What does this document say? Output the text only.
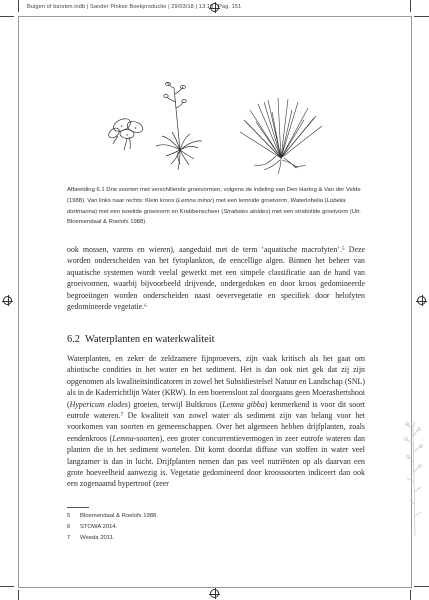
Buigen of barsten.indb | Sander Pinkse Boekproductie | 29/03/18 | 13:19 | Pag. 151

Afbeelding 6.1 Drie soorten met verschillende groeivormen, volgens de indeling van Den Hartog & Van der Velde (1988). Van links naar rechts: Klein kroos (Lemna minor) met een lemnide groeivorm, Waterlobelia (Lobelia dortmanna) met een isoetide groeivorm en Krabbenscheer (Stratiotes aloides) met een stratiotide groeivorm (Uit: Bloemendaal & Roelofs 1988).

ook mossen, varens en wieren), aangeduid met de term ‘aquatische macrofyten’.⁵ Deze worden onderscheiden van het fytoplankton, de eencellige algen. Binnen het beheer van aquatische systemen wordt veelal gewerkt met een simpele classificatie aan de hand van groeivormen, waarbij bijvoorbeeld drijvende, ondergedoken en door kroos gedomineerde begroeiingen worden onderscheiden naast oevervegetatie en specifiek door helofyten gedomineerde vegetatie.⁶

6.2 Waterplanten en waterkwaliteit

Waterplanten, en zeker de zeldzamere fijnproevers, zijn vaak kritisch als het gaat om abiotische condities in het water en het sediment. Het is dan ook niet gek dat zij zijn opgenomen als kwaliteitsindicatoren in zowel het Subsidiestelsel Natuur en Landschap (SNL) als in de Kaderrichtlijn Water (KRW). In een boerensloot zal doorgaans geen Moerashertshooi (Hypericum elodes) groeien, terwijl Bultkroos (Lemna gibba) kenmerkend is voor dit soort eutrofe wateren.⁷ De kwaliteit van zowel water als sediment zijn van belang voor het voorkomen van soorten en gemeenschappen. Over het algemeen hebben drijfplanten, zoals eendenkroos (Lemna-soorten), een groter concurrentievermogen in zeer eutrofe wateren dan planten die in het sediment wortelen. Dit komt doordat diffuse van stoffen in water veel langzamer is dan in lucht. Drijfplanten nemen dan pas veel nutriënten op als daarvan een grote hoeveelheid aanwezig is. Vegetatie gedomineerd door kroossoorten indiceert dan ook een zogenaamd hypertroof (zeer

5 Bloemendaal & Roelofs 1988.
6 STOWA 2014.
7 Weeda 2011.
